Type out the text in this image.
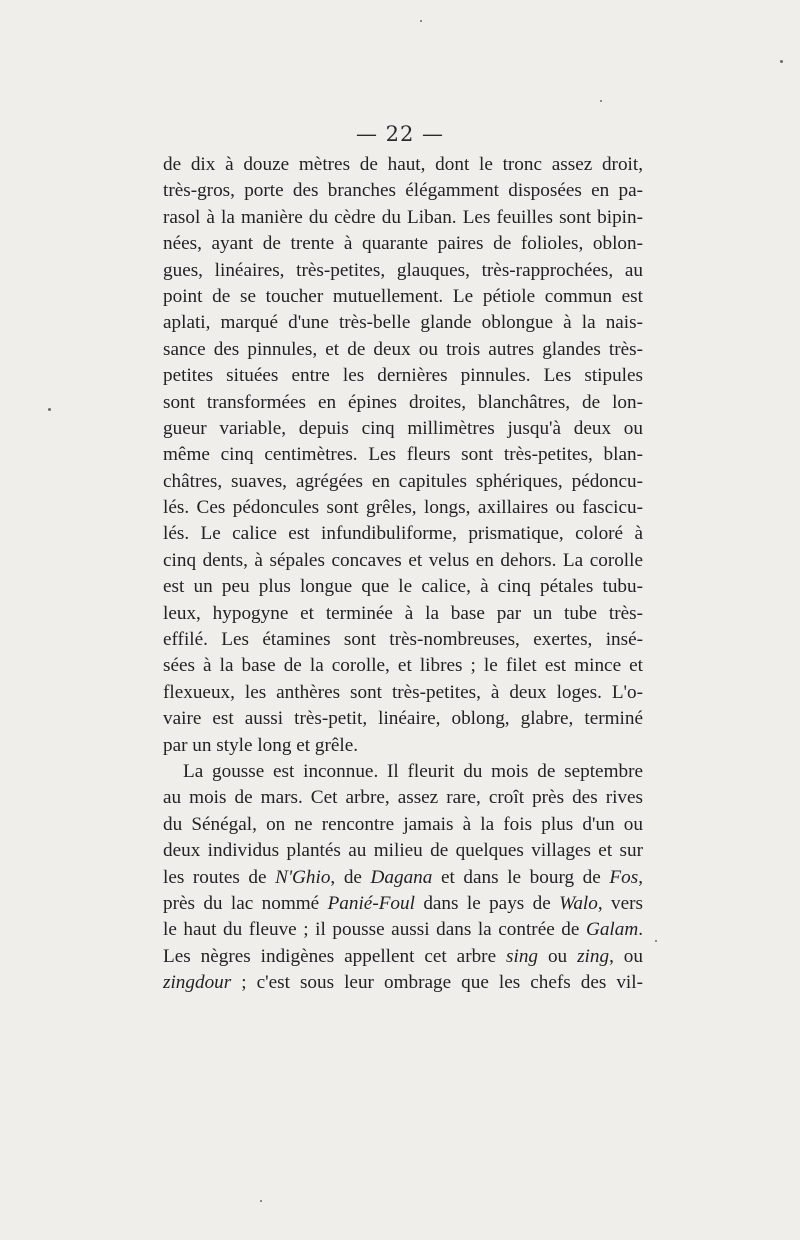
— 22 —
de dix à douze mètres de haut, dont le tronc assez droit,
très-gros, porte des branches élégamment disposées en pa-
rasol à la manière du cèdre du Liban. Les feuilles sont bipin-
nées, ayant de trente à quarante paires de folioles, oblon-
gues, linéaires, très-petites, glauques, très-rapprochées, au
point de se toucher mutuellement. Le pétiole commun est
aplati, marqué d'une très-belle glande oblongue à la nais-
sance des pinnules, et de deux ou trois autres glandes très-
petites situées entre les dernières pinnules. Les stipules
sont transformées en épines droites, blanchâtres, de lon-
gueur variable, depuis cinq millimètres jusqu'à deux ou
même cinq centimètres. Les fleurs sont très-petites, blan-
châtres, suaves, agrégées en capitules sphériques, pédoncu-
lés. Ces pédoncules sont grêles, longs, axillaires ou fascicu-
lés. Le calice est infundibuliforme, prismatique, coloré à
cinq dents, à sépales concaves et velus en dehors. La corolle
est un peu plus longue que le calice, à cinq pétales tubu-
leux, hypogyne et terminée à la base par un tube très-
effilé. Les étamines sont très-nombreuses, exertes, insé-
sées à la base de la corolle, et libres ; le filet est mince et
flexueux, les anthères sont très-petites, à deux loges. L'o-
vaire est aussi très-petit, linéaire, oblong, glabre, terminé
par un style long et grêle.
La gousse est inconnue. Il fleurit du mois de septembre
au mois de mars. Cet arbre, assez rare, croît près des rives
du Sénégal, on ne rencontre jamais à la fois plus d'un ou
deux individus plantés au milieu de quelques villages et sur
les routes de N'Ghio, de Dagana et dans le bourg de Fos,
près du lac nommé Panié-Foul dans le pays de Walo, vers
le haut du fleuve ; il pousse aussi dans la contrée de Galam.
Les nègres indigènes appellent cet arbre sing ou zing, ou
zingdour ; c'est sous leur ombrage que les chefs des vil-
